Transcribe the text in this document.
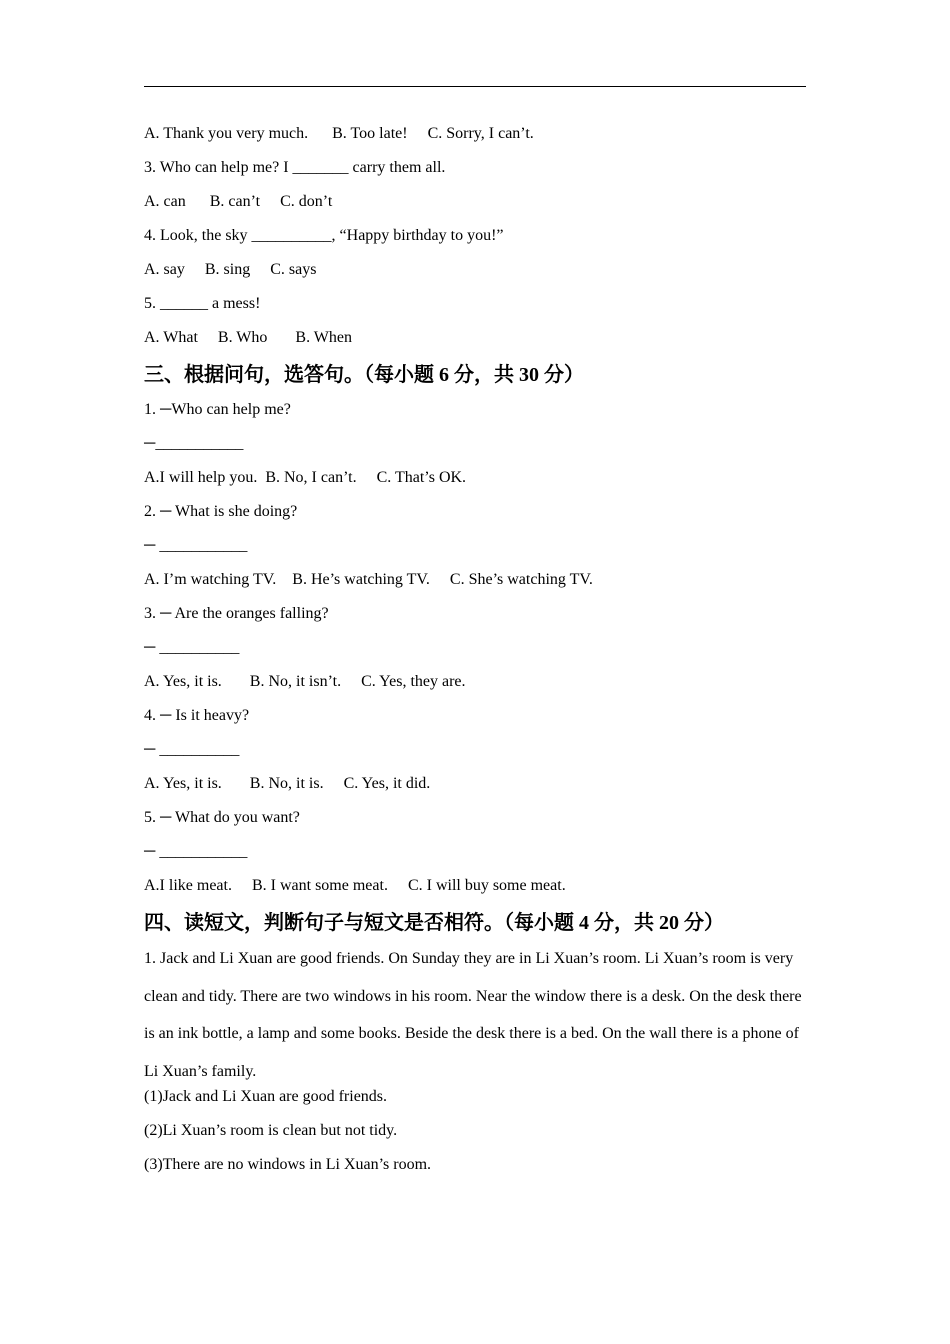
A. Thank you very much.      B. Too late!     C. Sorry, I can’t.
3. Who can help me? I _______ carry them all.
A. can      B. can’t     C. don’t
4. Look, the sky __________, “Happy birthday to you!”
A. say     B. sing     C. says
5. ______ a mess!
A. What     B. Who       B. When
三、根据问句，选答句。（每小题 6 分，共 30 分）
1. ─Who can help me?
─___________
A.I will help you.  B. No, I can’t.     C. That’s OK.
2. ─ What is she doing?
─ ___________
A. I’m watching TV.    B. He’s watching TV.     C. She’s watching TV.
3. ─ Are the oranges falling?
─ __________
A. Yes, it is.       B. No, it isn’t.     C. Yes, they are.
4. ─ Is it heavy?
─ __________
A. Yes, it is.       B. No, it is.     C. Yes, it did.
5. ─ What do you want?
─ ___________
A.I like meat.     B. I want some meat.     C. I will buy some meat.
四、读短文，判断句子与短文是否相符。（每小题 4 分，共 20 分）
1. Jack and Li Xuan are good friends. On Sunday they are in Li Xuan’s room. Li Xuan’s room is very clean and tidy. There are two windows in his room. Near the window there is a desk. On the desk there is an ink bottle, a lamp and some books. Beside the desk there is a bed. On the wall there is a phone of Li Xuan’s family.
(1)Jack and Li Xuan are good friends.
(2)Li Xuan’s room is clean but not tidy.
(3)There are no windows in Li Xuan’s room.
